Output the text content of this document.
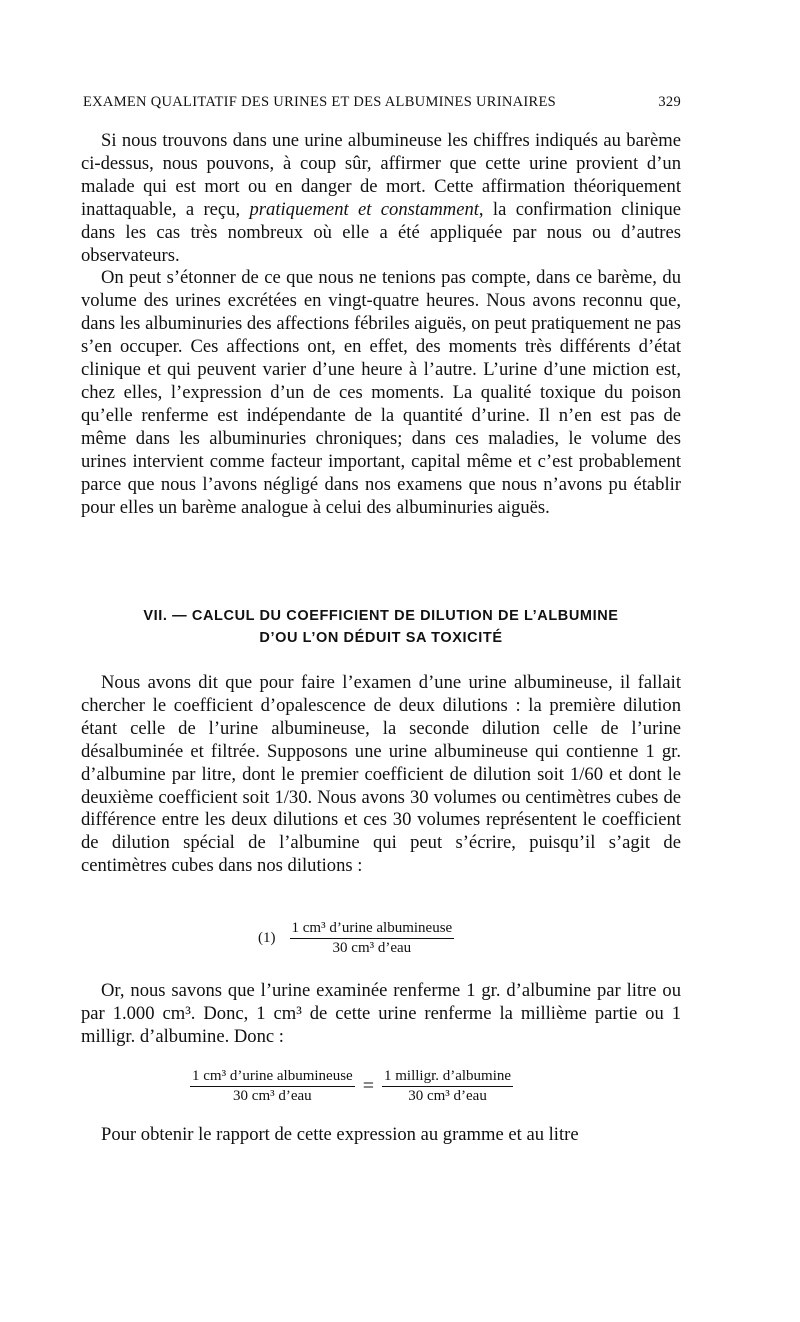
EXAMEN QUALITATIF DES URINES ET DES ALBUMINES URINAIRES	329

Si nous trouvons dans une urine albumineuse les chiffres indiqués au barème ci-dessus, nous pouvons, à coup sûr, affirmer que cette urine provient d’un malade qui est mort ou en danger de mort. Cette affirmation théoriquement inattaquable, a reçu, pratiquement et constamment, la confirmation clinique dans les cas très nombreux où elle a été appliquée par nous ou d’autres observateurs.

On peut s’étonner de ce que nous ne tenions pas compte, dans ce barème, du volume des urines excrétées en vingt-quatre heures. Nous avons reconnu que, dans les albuminuries des affections fébriles aiguës, on peut pratiquement ne pas s’en occuper. Ces affections ont, en effet, des moments très différents d’état clinique et qui peuvent varier d’une heure à l’autre. L’urine d’une miction est, chez elles, l’expression d’un de ces moments. La qualité toxique du poison qu’elle renferme est indépendante de la quantité d’urine. Il n’en est pas de même dans les albuminuries chroniques; dans ces maladies, le volume des urines intervient comme facteur important, capital même et c’est probablement parce que nous l’avons négligé dans nos examens que nous n’avons pu établir pour elles un barème analogue à celui des albuminuries aiguës.

VII. — CALCUL DU COEFFICIENT DE DILUTION DE L’ALBUMINE
D’OU L’ON DÉDUIT SA TOXICITÉ

Nous avons dit que pour faire l’examen d’une urine albumineuse, il fallait chercher le coefficient d’opalescence de deux dilutions : la première dilution étant celle de l’urine albumineuse, la seconde dilution celle de l’urine désalbuminée et filtrée. Supposons une urine albumineuse qui contienne 1 gr. d’albumine par litre, dont le premier coefficient de dilution soit 1/60 et dont le deuxième coefficient soit 1/30. Nous avons 30 volumes ou centimètres cubes de différence entre les deux dilutions et ces 30 volumes représentent le coefficient de dilution spécial de l’albumine qui peut s’écrire, puisqu’il s’agit de centimètres cubes dans nos dilutions :

$(1) \frac{\text{1 cm³ d’urine albumineuse}}{\text{30 cm³ d’eau}}$

Or, nous savons que l’urine examinée renferme 1 gr. d’albumine par litre ou par 1.000 cm³. Donc, 1 cm³ de cette urine renferme la millième partie ou 1 milligr. d’albumine. Donc :

$\frac{\text{1 cm³ d’urine albumineuse}}{\text{30 cm³ d’eau}} = \frac{\text{1 milligr. d’albumine}}{\text{30 cm³ d’eau}}$

Pour obtenir le rapport de cette expression au gramme et au litre
